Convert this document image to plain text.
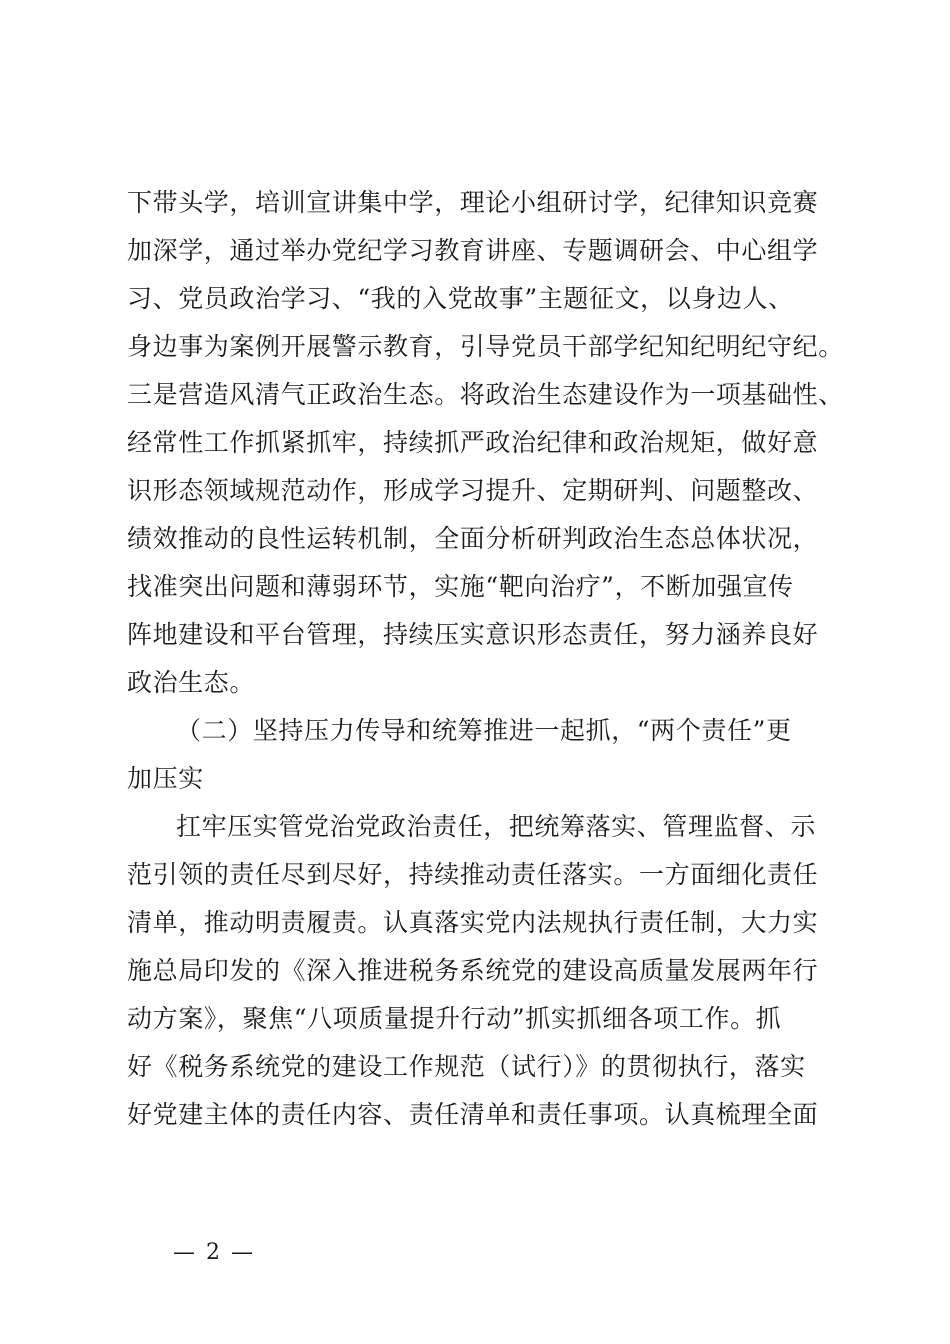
下带头学，培训宣讲集中学，理论小组研讨学，纪律知识竞赛
加深学，通过举办党纪学习教育讲座、专题调研会、中心组学
习、党员政治学习、“我的入党故事”主题征文，以身边人、
身边事为案例开展警示教育，引导党员干部学纪知纪明纪守纪。
三是营造风清气正政治生态。将政治生态建设作为一项基础性、
经常性工作抓紧抓牢，持续抓严政治纪律和政治规矩，做好意
识形态领域规范动作，形成学习提升、定期研判、问题整改、
绩效推动的良性运转机制，全面分析研判政治生态总体状况，
找准突出问题和薄弱环节，实施“靶向治疗”，不断加强宣传
阵地建设和平台管理，持续压实意识形态责任，努力涵养良好
政治生态。
（二）坚持压力传导和统筹推进一起抓，“两个责任”更
加压实
扛牢压实管党治党政治责任，把统筹落实、管理监督、示
范引领的责任尽到尽好，持续推动责任落实。一方面细化责任
清单，推动明责履责。认真落实党内法规执行责任制，大力实
施总局印发的《深入推进税务系统党的建设高质量发展两年行
动方案》，聚焦“八项质量提升行动”抓实抓细各项工作。抓
好《税务系统党的建设工作规范（试行）》的贯彻执行，落实
好党建主体的责任内容、责任清单和责任事项。认真梳理全面
— 2 —
